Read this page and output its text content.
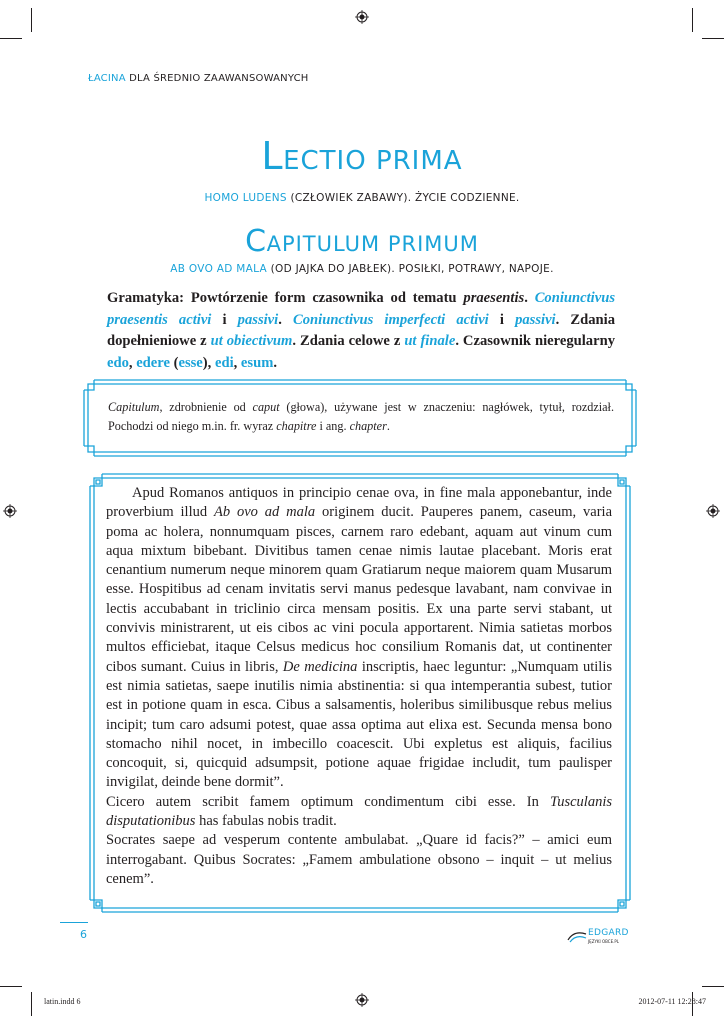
ŁACINA DLA ŚREDNIO ZAAWANSOWANYCH
LECTIO PRIMA
HOMO LUDENS (CZŁOWIEK ZABAWY). ŻYCIE CODZIENNE.
CAPITULUM PRIMUM
AB OVO AD MALA (OD JAJKA DO JABŁEK). POSIŁKI, POTRAWY, NAPOJE.
Gramatyka: Powtórzenie form czasownika od tematu praesentis. Coniunctivus praesentis activi i passivi. Coniunctivus imperfecti activi i passivi. Zdania dopełnieniowe z ut obiectivum. Zdania celowe z ut finale. Czasownik nieregularny edo, edere (esse), edi, esum.
Capitulum, zdrobnienie od caput (głowa), używane jest w znaczeniu: nagłówek, tytuł, rozdział. Pochodzi od niego m.in. fr. wyraz chapitre i ang. chapter.

Apud Romanos antiquos in principio cenae ova, in fine mala apponebantur, inde proverbium illud Ab ovo ad mala originem ducit. Pauperes panem, caseum, varia poma ac holera, nonnumquam pisces, carnem raro edebant, aquam aut vinum cum aqua mixtum bibebant. Divitibus tamen cenae nimis lautae placebant. Moris erat cenantium numerum neque minorem quam Gratiarum neque maiorem quam Musarum esse. Hospitibus ad cenam invitatis servi manus pedesque lavabant, nam convivae in lectis accubabant in triclinio circa mensam positis. Ex una parte servi stabant, ut convivis ministrarent, ut eis cibos ac vini pocula apportarent. Nimia satietas morbos multos efficiebat, itaque Celsus medicus hoc consilium Romanis dat, ut continenter cibos sumant. Cuius in libris, De medicina inscriptis, haec leguntur: „Numquam utilis est nimia satietas, saepe inutilis nimia abstinentia: si qua intemperantia subest, tutior est in potione quam in esca. Cibus a salsamentis, holeribus similibusque rebus melius incipit; tum caro adsumi potest, quae assa optima aut elixa est. Secunda mensa bono stomacho nihil nocet, in imbecillo coacescit. Ubi expletus est aliquis, facilius concoquit, si, quicquid adsumpsit, potione aquae frigidae includit, tum paulisper invigilat, deinde bene dormit”.

Cicero autem scribit famem optimum condimentum cibi esse. In Tusculanis disputationibus has fabulas nobis tradit.

Socrates saepe ad vesperum contente ambulabat. „Quare id facis?” – amici eum interrogabant. Quibus Socrates: „Famem ambulatione obsono – inquit – ut melius cenem”.

6	EDGARD
JĘZYKI OBCE.PL
latin.indd 6	2012-07-11 12:28:47
